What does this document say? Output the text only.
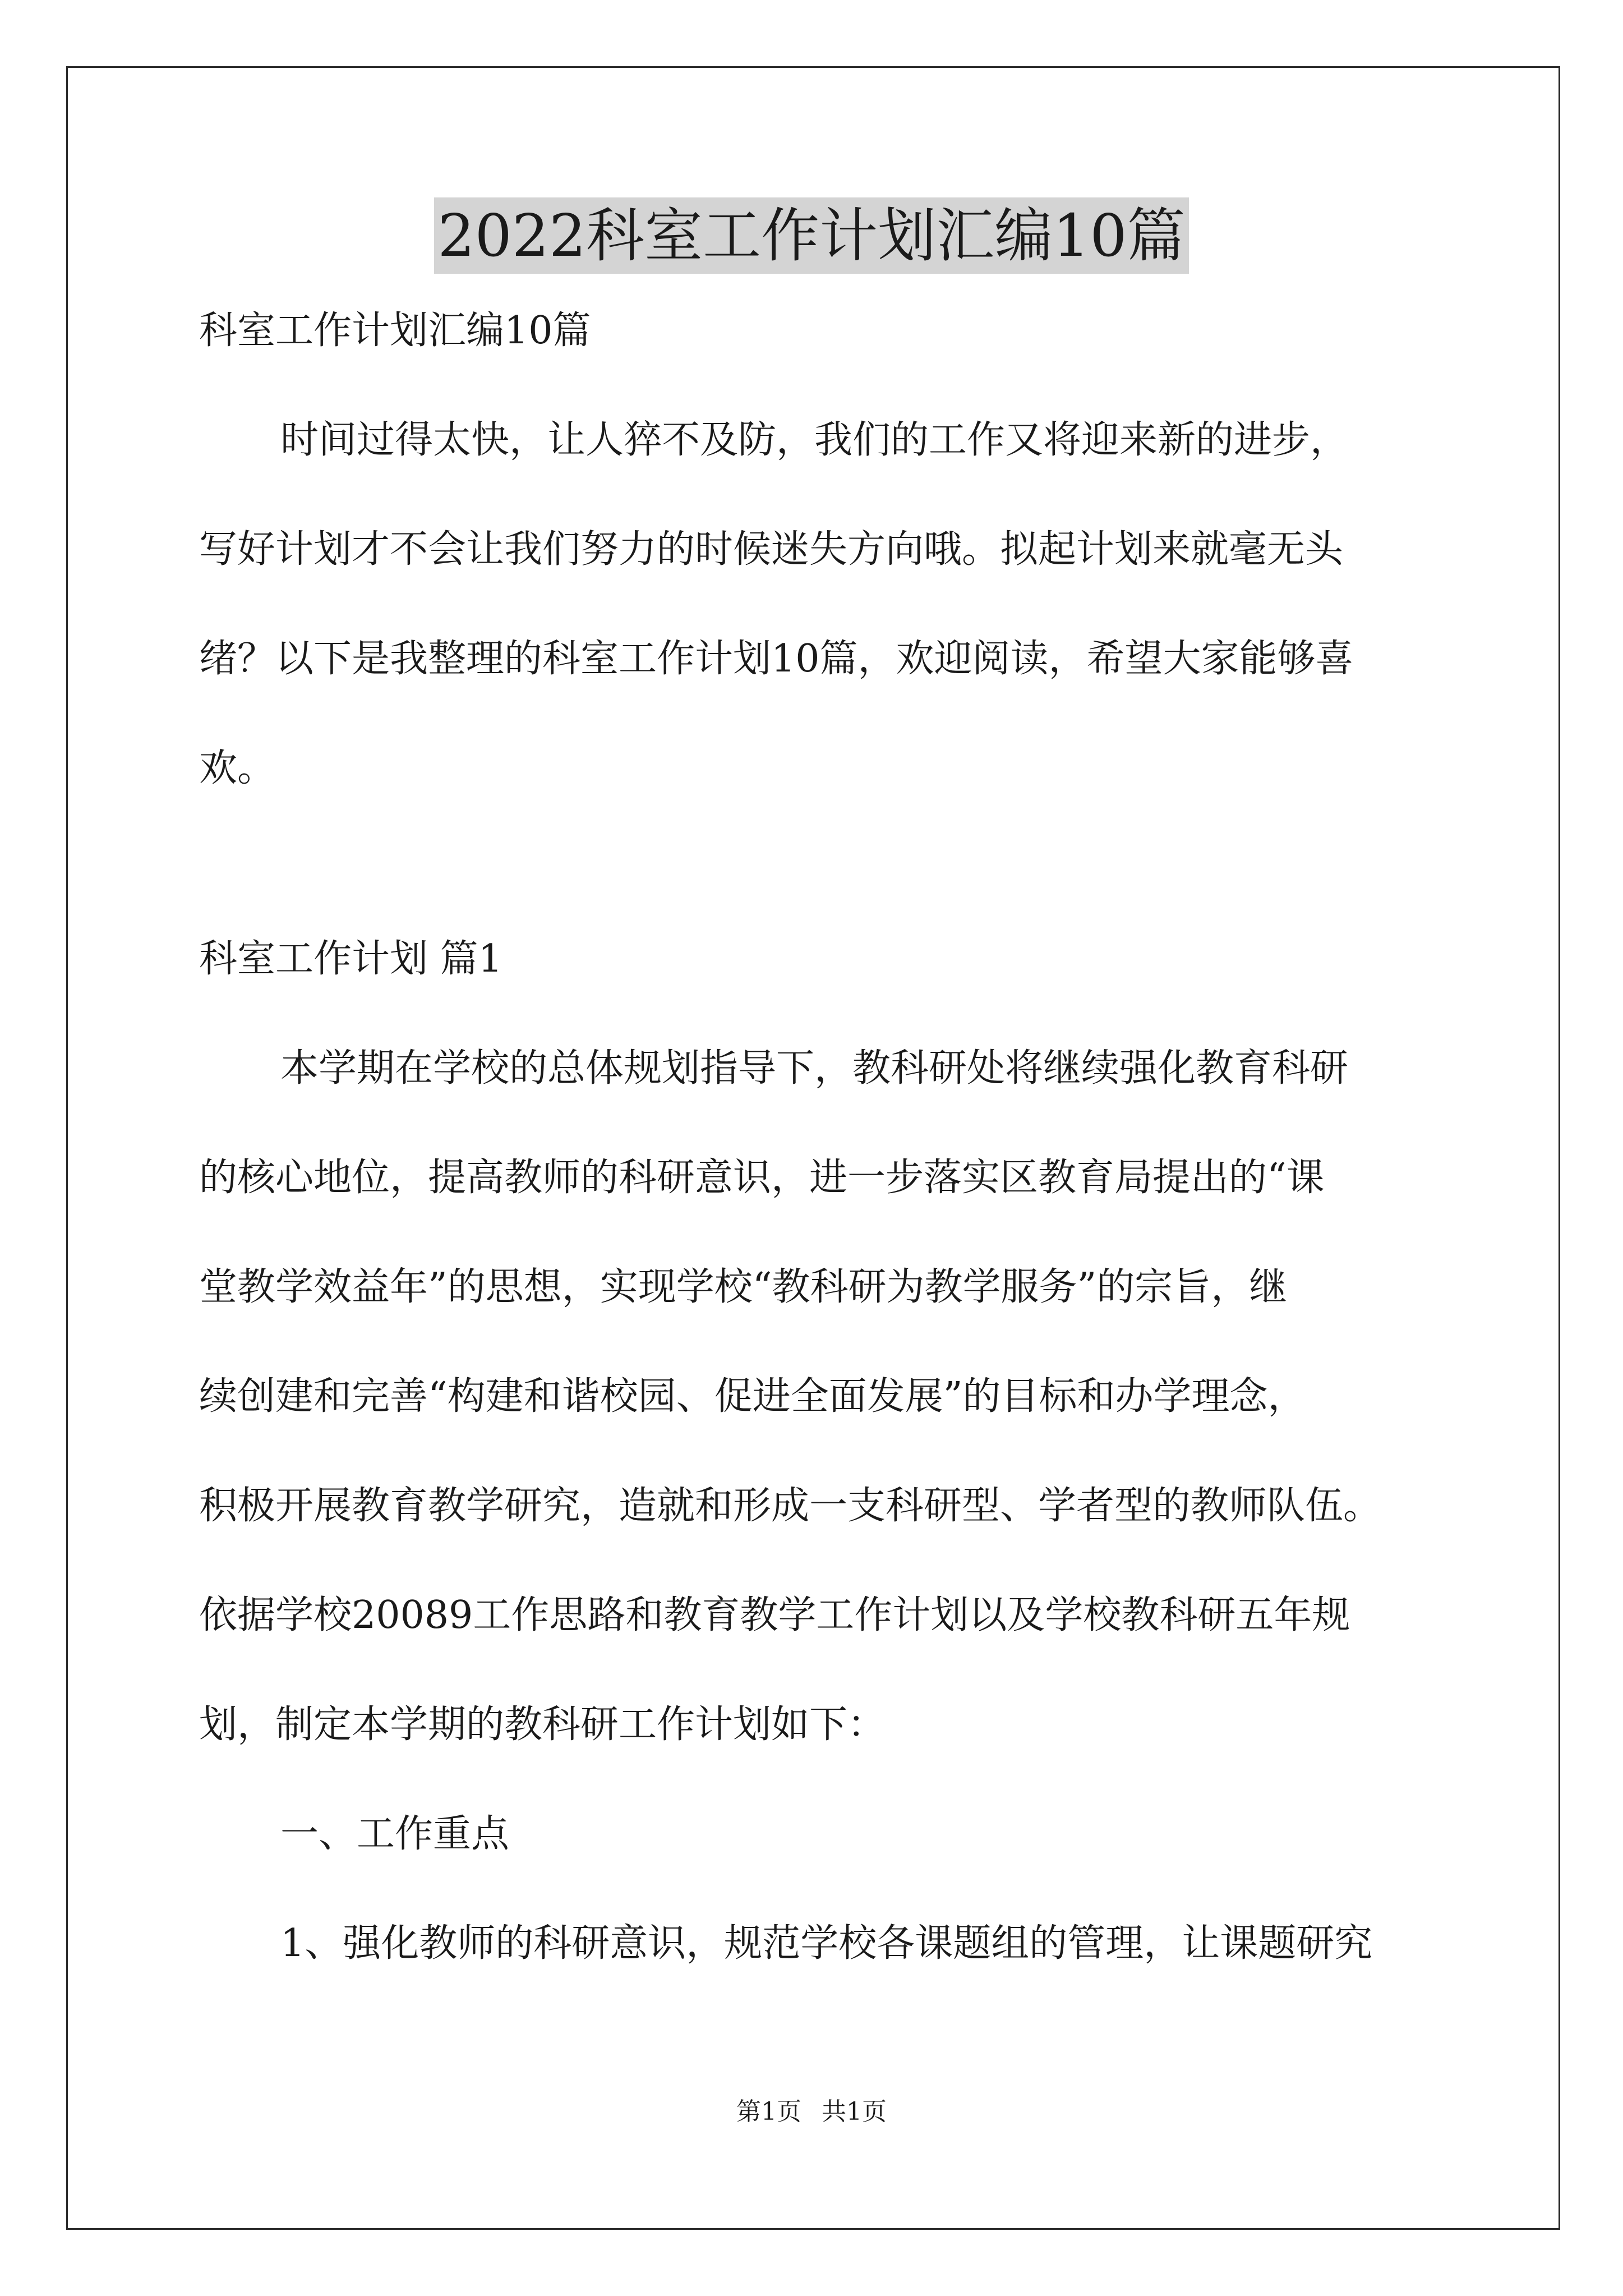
2022科室工作计划汇编10篇
科室工作计划汇编10篇
时间过得太快，让人猝不及防，我们的工作又将迎来新的进步，
写好计划才不会让我们努力的时候迷失方向哦。拟起计划来就毫无头
绪？以下是我整理的科室工作计划10篇，欢迎阅读，希望大家能够喜
欢。
科室工作计划 篇1
本学期在学校的总体规划指导下，教科研处将继续强化教育科研
的核心地位，提高教师的科研意识，进一步落实区教育局提出的“课
堂教学效益年”的思想，实现学校“教科研为教学服务”的宗旨，继
续创建和完善“构建和谐校园、促进全面发展”的目标和办学理念，
积极开展教育教学研究，造就和形成一支科研型、学者型的教师队伍。
依据学校20089工作思路和教育教学工作计划以及学校教科研五年规
划，制定本学期的教科研工作计划如下：
一、工作重点
1、强化教师的科研意识，规范学校各课题组的管理，让课题研究
第1页 共1页
